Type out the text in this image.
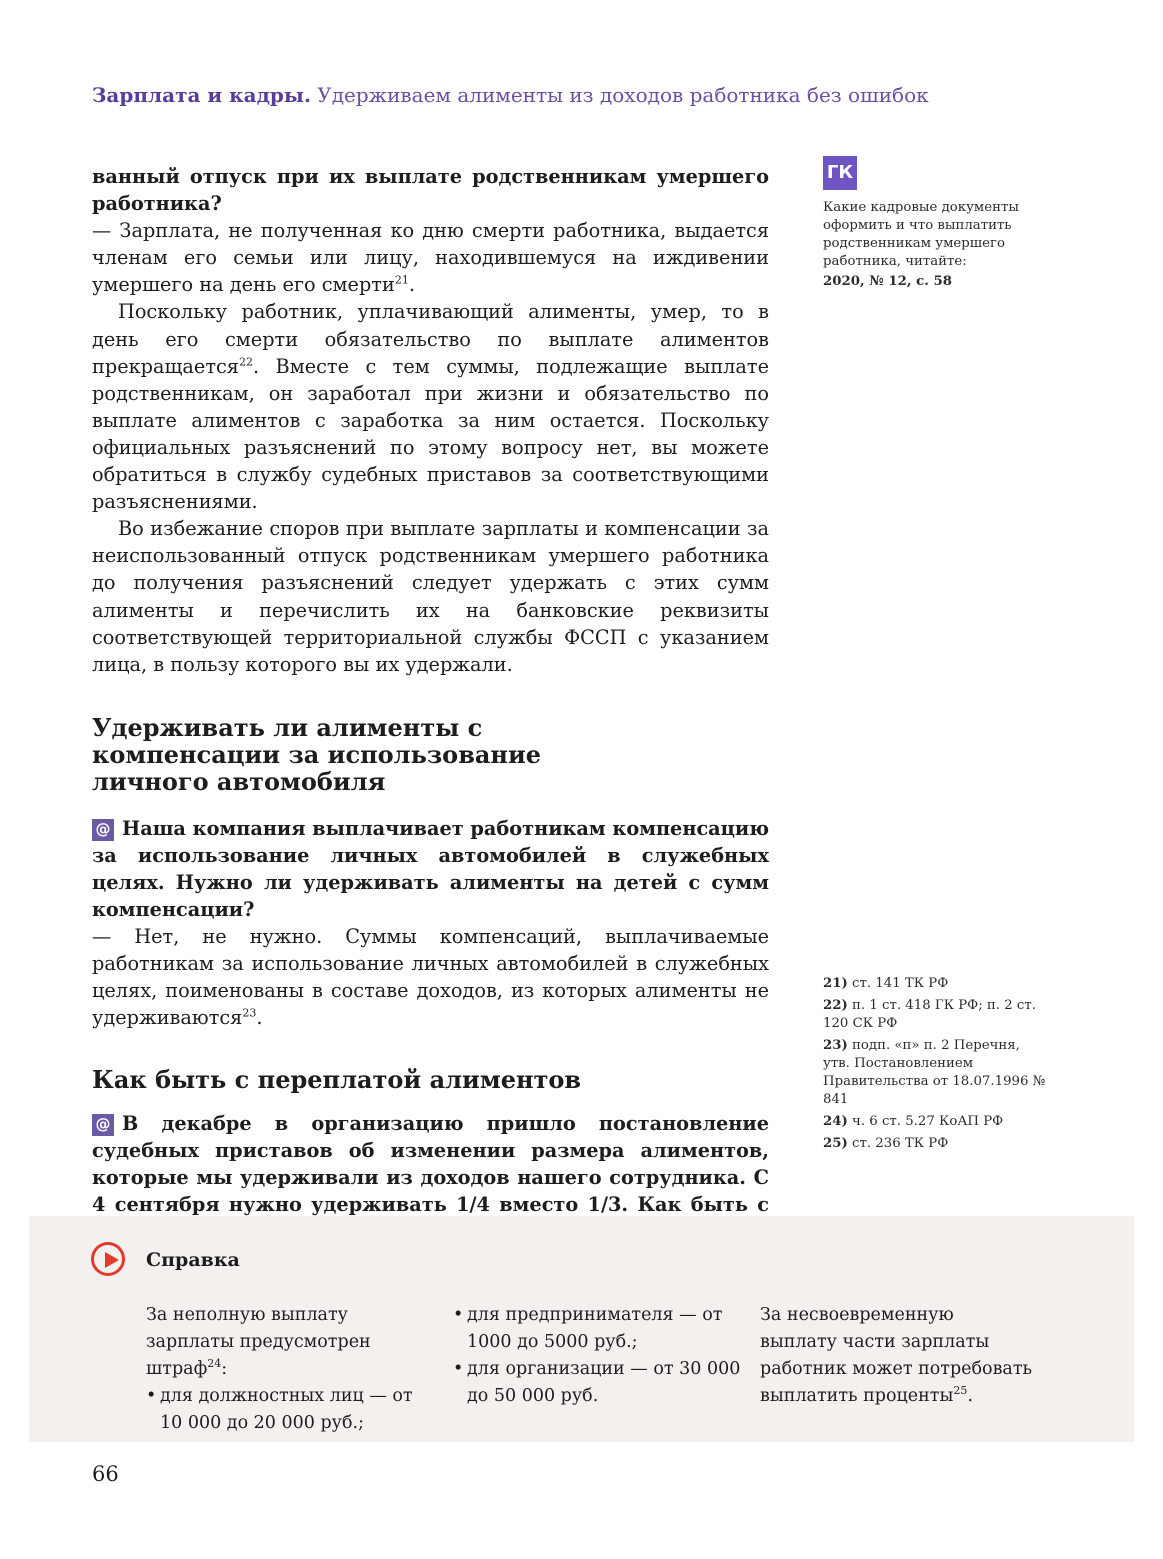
Зарплата и кадры. Удерживаем алименты из доходов работника без ошибок

ванный отпуск при их выплате родственникам умершего работника?

— Зарплата, не полученная ко дню смерти работника, выдается членам его семьи или лицу, находившемуся на иждивении умершего на день его смерти$^{21}$.

Поскольку работник, уплачивающий алименты, умер, то в день его смерти обязательство по выплате алиментов прекращается$^{22}$. Вместе с тем суммы, подлежащие выплате родственникам, он заработал при жизни и обязательство по выплате алиментов с заработка за ним остается. Поскольку официальных разъяснений по этому вопросу нет, вы можете обратиться в службу судебных приставов за соответствующими разъяснениями.

Во избежание споров при выплате зарплаты и компенсации за неиспользованный отпуск родственникам умершего работника до получения разъяснений следует удержать с этих сумм алименты и перечислить их на банковские реквизиты соответствующей территориальной службы ФССП с указанием лица, в пользу которого вы их удержали.

Удерживать ли алименты с компенсации за использование личного автомобиля

@ Наша компания выплачивает работникам компенсацию за использование личных автомобилей в служебных целях. Нужно ли удерживать алименты на детей с сумм компенсации?

— Нет, не нужно. Суммы компенсаций, выплачиваемые работникам за использование личных автомобилей в служебных целях, поименованы в составе доходов, из которых алименты не удерживаются$^{23}$.

Как быть с переплатой алиментов

@ В декабре в организацию пришло постановление судебных приставов об изменении размера алиментов, которые мы удерживали из доходов нашего сотрудника. С 4 сентября нужно удерживать 1/4 вместо 1/3. Как быть с

ГК
Какие кадровые документы оформить и что выплатить родственникам умершего работника, читайте:
2020, № 12, с. 58
21) ст. 141 ТК РФ
22) п. 1 ст. 418 ГК РФ; п. 2 ст. 120 СК РФ
23) подп. «п» п. 2 Перечня, утв. Постановлением Правительства от 18.07.1996 № 841
24) ч. 6 ст. 5.27 КоАП РФ
25) ст. 236 ТК РФ
Справка

За неполную выплату зарплаты предусмотрен штраф$^{24}$:

• для должностных лиц — от 10 000 до 20 000 руб.;

• для предпринимателя — от 1000 до 5000 руб.;

• для организации — от 30 000 до 50 000 руб.

За несвоевременную выплату части зарплаты работник может потребовать выплатить проценты$^{25}$.

66
